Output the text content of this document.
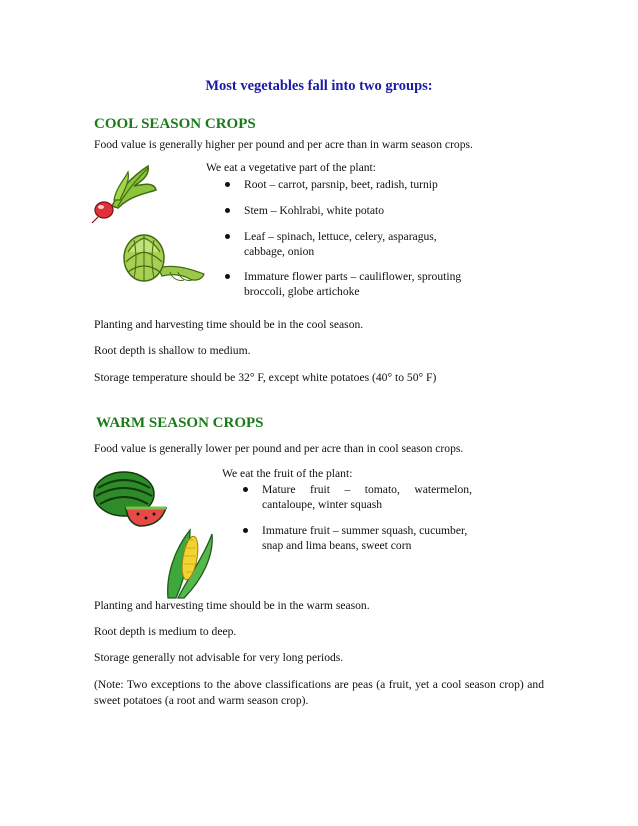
Most vegetables fall into two groups:
COOL SEASON CROPS
Food value is generally higher per pound and per acre than in warm season crops.
We eat a vegetative part of the plant:
Root – carrot, parsnip, beet, radish, turnip
Stem – Kohlrabi, white potato
Leaf – spinach, lettuce, celery, asparagus, cabbage, onion
Immature flower parts – cauliflower, sprouting broccoli, globe artichoke
Planting and harvesting time should be in the cool season.
Root depth is shallow to medium.
Storage temperature should be 32° F, except white potatoes (40° to 50° F)
WARM SEASON CROPS
Food value is generally lower per pound and per acre than in cool season crops.
We eat the fruit of the plant:
Mature fruit – tomato, watermelon, cantaloupe, winter squash
Immature fruit – summer squash, cucumber, snap and lima beans, sweet corn
Planting and harvesting time should be in the warm season.
Root depth is medium to deep.
Storage generally not advisable for very long periods.
(Note: Two exceptions to the above classifications are peas (a fruit, yet a cool season crop) and sweet potatoes (a root and warm season crop).
